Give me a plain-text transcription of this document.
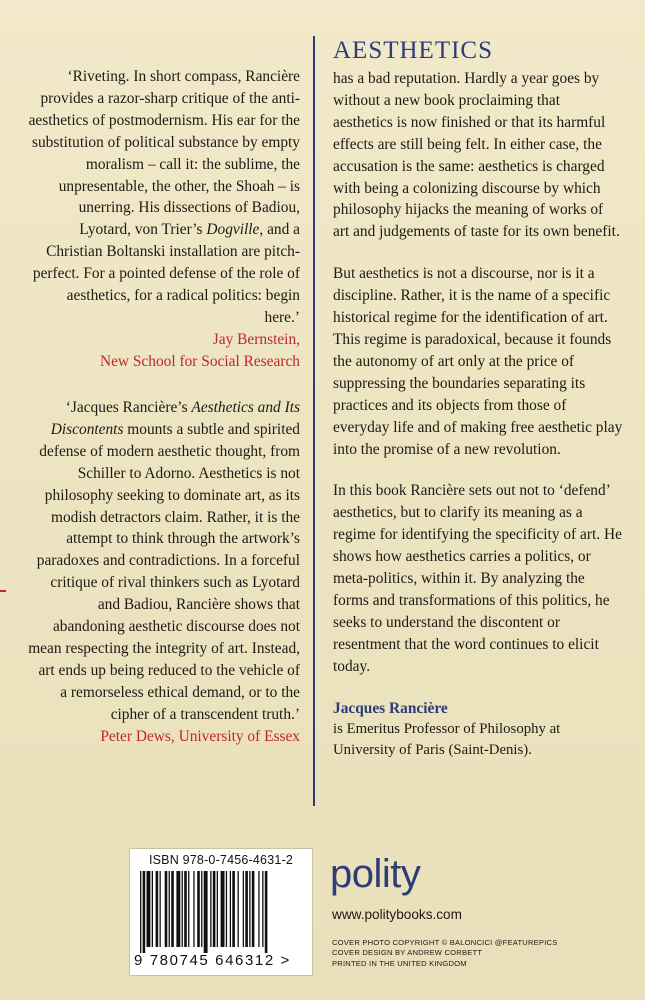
‘Riveting. In short compass, Rancière provides a razor-sharp critique of the anti-aesthetics of postmodernism. His ear for the substitution of political substance by empty moralism – call it: the sublime, the unpresentable, the other, the Shoah – is unerring. His dissections of Badiou, Lyotard, von Trier’s Dogville, and a Christian Boltanski installation are pitch-perfect. For a pointed defense of the role of aesthetics, for a radical politics: begin here.’

Jay Bernstein,

New School for Social Research

‘Jacques Rancière’s Aesthetics and Its Discontents mounts a subtle and spirited defense of modern aesthetic thought, from Schiller to Adorno. Aesthetics is not philosophy seeking to dominate art, as its modish detractors claim. Rather, it is the attempt to think through the artwork’s paradoxes and contradictions. In a forceful critique of rival thinkers such as Lyotard and Badiou, Rancière shows that abandoning aesthetic discourse does not mean respecting the integrity of art. Instead, art ends up being reduced to the vehicle of a remorseless ethical demand, or to the cipher of a transcendent truth.’

Peter Dews, University of Essex

AESTHETICS

has a bad reputation. Hardly a year goes by without a new book proclaiming that aesthetics is now finished or that its harmful effects are still being felt. In either case, the accusation is the same: aesthetics is charged with being a colonizing discourse by which philosophy hijacks the meaning of works of art and judgements of taste for its own benefit.

But aesthetics is not a discourse, nor is it a discipline. Rather, it is the name of a specific historical regime for the identification of art. This regime is paradoxical, because it founds the autonomy of art only at the price of suppressing the boundaries separating its practices and its objects from those of everyday life and of making free aesthetic play into the promise of a new revolution.

In this book Rancière sets out not to ‘defend’ aesthetics, but to clarify its meaning as a regime for identifying the specificity of art. He shows how aesthetics carries a politics, or meta-politics, within it. By analyzing the forms and transformations of this politics, he seeks to understand the discontent or resentment that the word continues to elicit today.

Jacques Rancière

is Emeritus Professor of Philosophy at University of Paris (Saint-Denis).

ISBN 978-0-7456-4631-2
9 780745 646312 >
polity
www.politybooks.com
COVER PHOTO COPYRIGHT © BALONCICI @FEATUREPICS
COVER DESIGN BY ANDREW CORBETT
PRINTED IN THE UNITED KINGDOM
